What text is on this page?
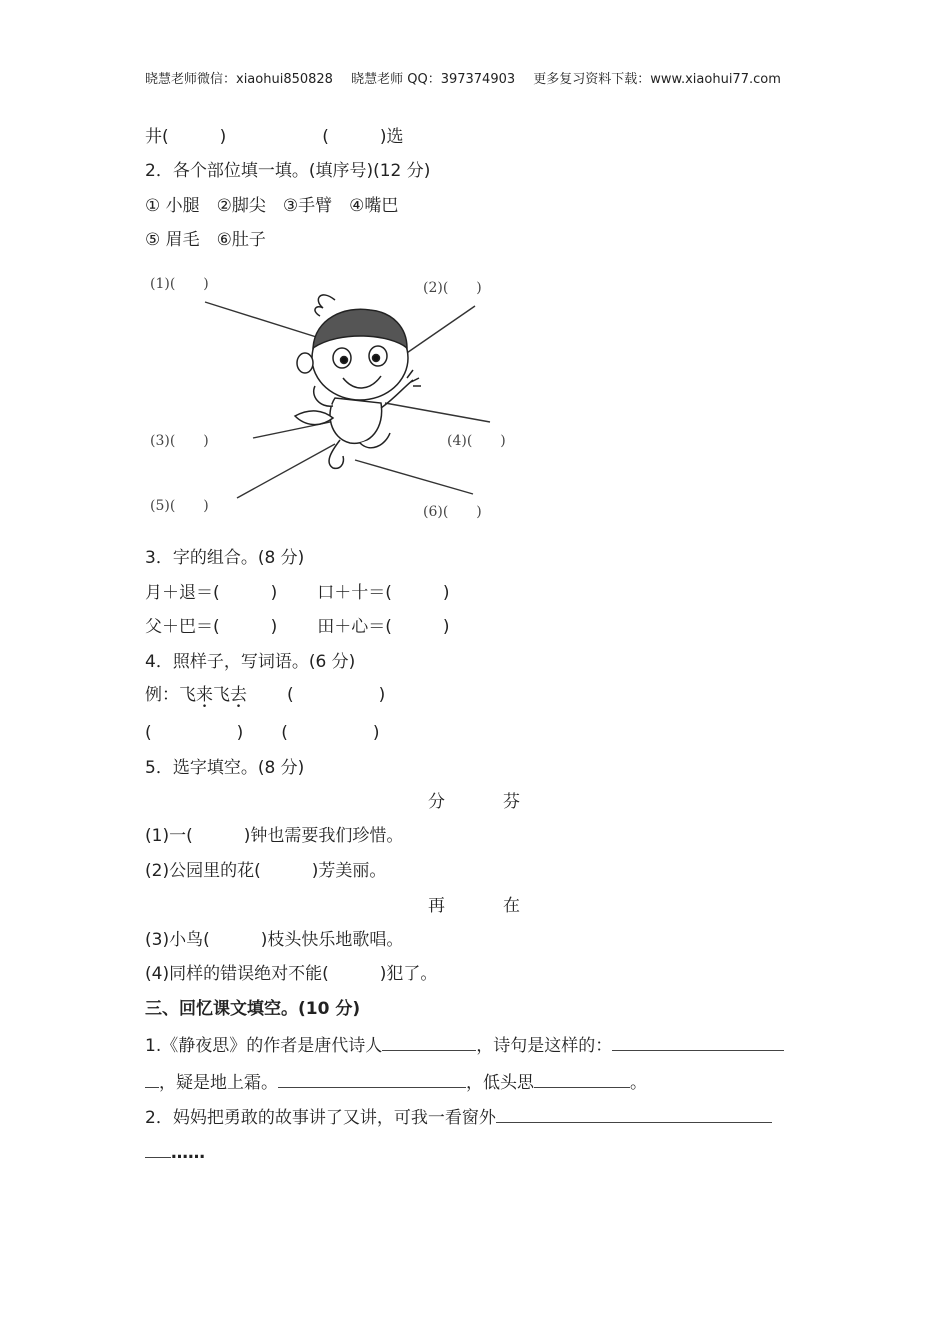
晓慧老师微信：xiaohui850828 晓慧老师 QQ：397374903 更多复习资料下载：www.xiaohui77.com
井(　　　)	(　　　)选
2．各个部位填一填。(填序号)(12 分)
① 小腿　②脚尖　③手臂　④嘴巴
⑤ 眉毛　⑥肚子
(1)(　　)	(2)(　　)
(3)(　　)	(4)(　　)
(5)(　　)	(6)(　　)
3．字的组合。(8 分)
月＋退＝(　　　) 口＋十＝(　　　)
父＋巴＝(　　　) 田＋心＝(　　　)
4．照样子，写词语。(6 分)
例：飞来飞去 (　　　　　)
(　　　　　) (　　　　　)
5．选字填空。(8 分)
分	芬
(1)一(　　　)钟也需要我们珍惜。
(2)公园里的花(　　　)芳美丽。
再	在
(3)小鸟(　　　)枝头快乐地歌唱。
(4)同样的错误绝对不能(　　　)犯了。
三、回忆课文填空。(10 分)
1.《静夜思》的作者是唐代诗人	，诗句是这样的：
，疑是地上霜。	，低头思	。
2．妈妈把勇敢的故事讲了又讲，可我一看窗外
……
